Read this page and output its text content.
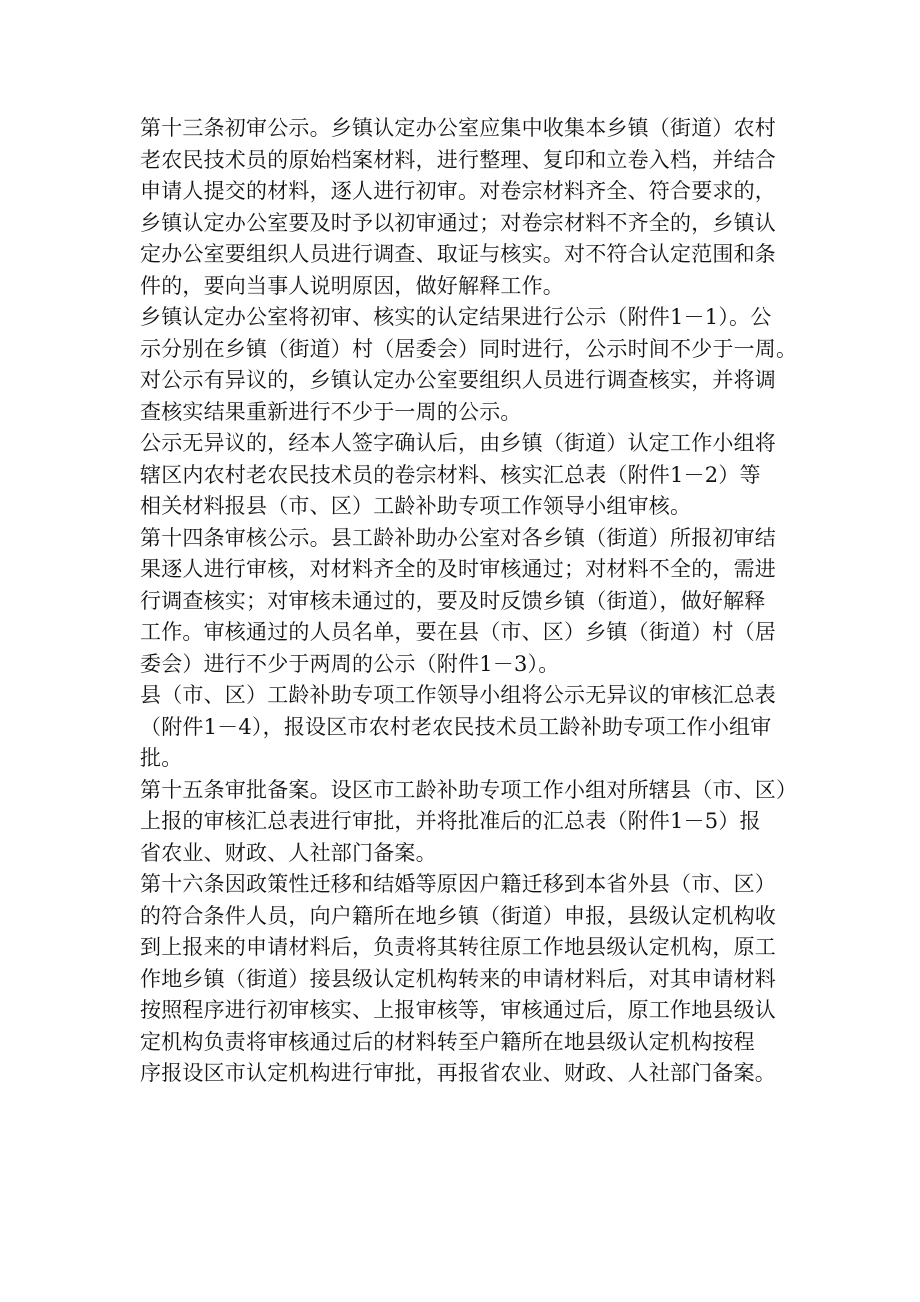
第十三条初审公示。乡镇认定办公室应集中收集本乡镇（街道）农村
老农民技术员的原始档案材料，进行整理、复印和立卷入档，并结合
申请人提交的材料，逐人进行初审。对卷宗材料齐全、符合要求的，
乡镇认定办公室要及时予以初审通过；对卷宗材料不齐全的，乡镇认
定办公室要组织人员进行调查、取证与核实。对不符合认定范围和条
件的，要向当事人说明原因，做好解释工作。
乡镇认定办公室将初审、核实的认定结果进行公示（附件1－1）。公
示分别在乡镇（街道）村（居委会）同时进行，公示时间不少于一周。
对公示有异议的，乡镇认定办公室要组织人员进行调查核实，并将调
查核实结果重新进行不少于一周的公示。
公示无异议的，经本人签字确认后，由乡镇（街道）认定工作小组将
辖区内农村老农民技术员的卷宗材料、核实汇总表（附件1－2）等
相关材料报县（市、区）工龄补助专项工作领导小组审核。
第十四条审核公示。县工龄补助办公室对各乡镇（街道）所报初审结
果逐人进行审核，对材料齐全的及时审核通过；对材料不全的，需进
行调查核实；对审核未通过的，要及时反馈乡镇（街道），做好解释
工作。审核通过的人员名单，要在县（市、区）乡镇（街道）村（居
委会）进行不少于两周的公示（附件1－3）。
县（市、区）工龄补助专项工作领导小组将公示无异议的审核汇总表
（附件1－4），报设区市农村老农民技术员工龄补助专项工作小组审
批。
第十五条审批备案。设区市工龄补助专项工作小组对所辖县（市、区）
上报的审核汇总表进行审批，并将批准后的汇总表（附件1－5）报
省农业、财政、人社部门备案。
第十六条因政策性迁移和结婚等原因户籍迁移到本省外县（市、区）
的符合条件人员，向户籍所在地乡镇（街道）申报，县级认定机构收
到上报来的申请材料后，负责将其转往原工作地县级认定机构，原工
作地乡镇（街道）接县级认定机构转来的申请材料后，对其申请材料
按照程序进行初审核实、上报审核等，审核通过后，原工作地县级认
定机构负责将审核通过后的材料转至户籍所在地县级认定机构按程
序报设区市认定机构进行审批，再报省农业、财政、人社部门备案。
